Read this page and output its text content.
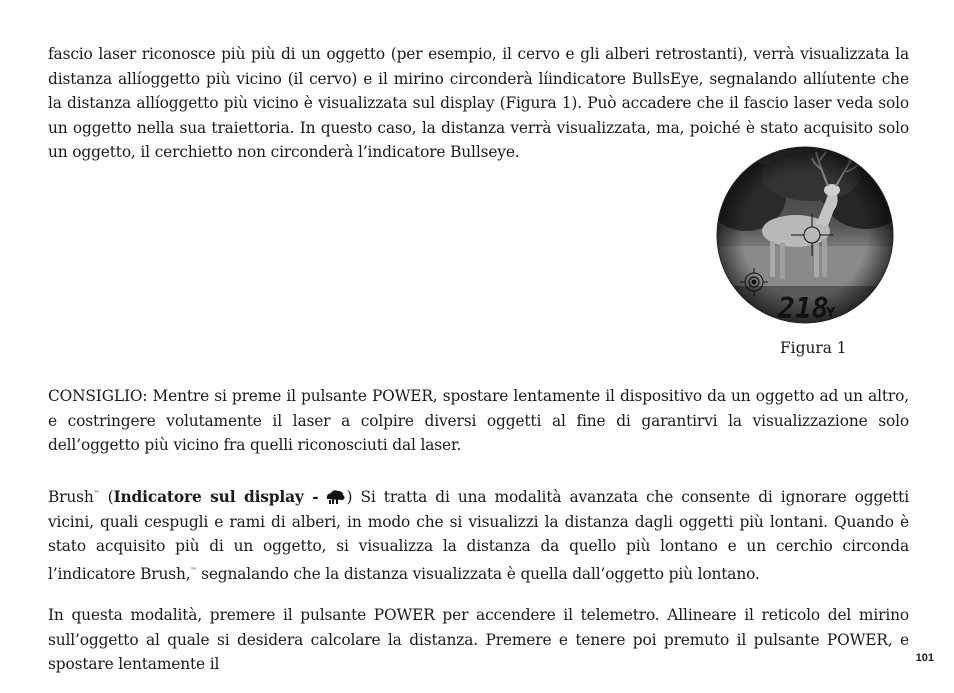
fascio laser riconosce più più di un oggetto (per esempio, il cervo e gli alberi retrostanti), verrà visualizzata la distanza allíoggetto più vicino (il cervo) e il mirino circonderà líindicatore BullsEye, segnalando allíutente che la distanza allíoggetto più vicino è visualizzata sul display (Figura 1). Può accadere che il fascio laser veda solo un oggetto nella sua traiettoria. In questo caso, la distanza verrà visualizzata, ma, poiché è stato acquisito solo un oggetto, il cerchietto non circonderà l’indicatore Bullseye.

218
Y
Figura 1

CONSIGLIO: Mentre si preme il pulsante POWER, spostare lentamente il dispositivo da un oggetto ad un altro, e costringere volutamente il laser a colpire diversi oggetti al fine di garantirvi la visualizzazione solo dell’oggetto più vicino fra quelli riconosciuti dal laser.

Brush™ (Indicatore sul display - ) Si tratta di una modalità avanzata che consente di ignorare oggetti vicini, quali cespugli e rami di alberi, in modo che si visualizzi la distanza dagli oggetti più lontani. Quando è stato acquisito più di un oggetto, si visualizza la distanza da quello più lontano e un cerchio circonda l’indicatore Brush,™ segnalando che la distanza visualizzata è quella dall’oggetto più lontano.

In questa modalità, premere il pulsante POWER per accendere il telemetro. Allineare il reticolo del mirino sull’oggetto al quale si desidera calcolare la distanza. Premere e tenere poi premuto il pulsante POWER, e spostare lentamente il	101
